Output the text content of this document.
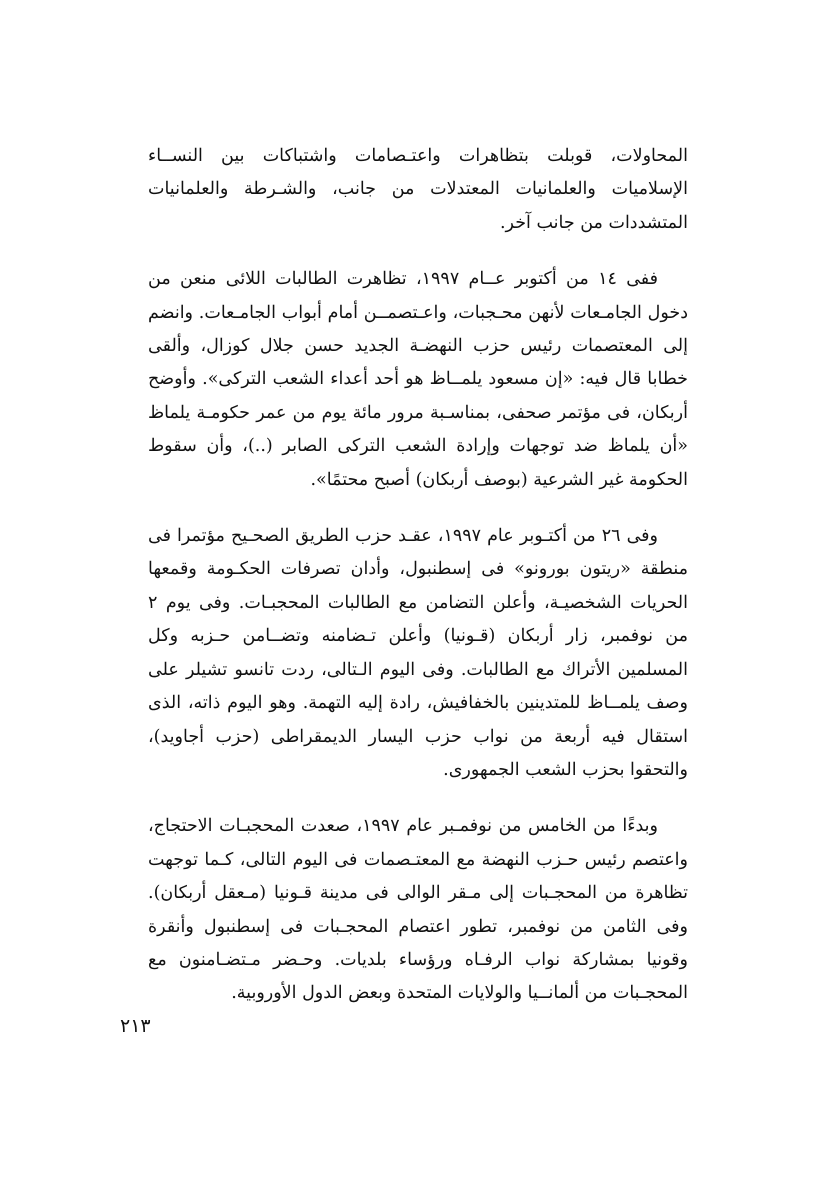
المحاولات، قوبلت بتظاهرات واعتـصامات واشتباكات بين النســاء الإسلاميات والعلمانيات المعتدلات من جانب، والشـرطة والعلمانيات المتشددات من جانب آخر.

ففى ١٤ من أكتوبر عــام ١٩٩٧، تظاهرت الطالبات اللائى منعن من دخول الجامـعات لأنهن محـجبات، واعـتصمــن أمام أبواب الجامـعات. وانضم إلى المعتصمات رئيس حزب النهضـة الجديد حسن جلال كوزال، وألقى خطابا قال فيه: «إن مسعود يلمــاظ هو أحد أعداء الشعب التركى». وأوضح أربكان، فى مؤتمر صحفى، بمناسـبة مرور مائة يوم من عمر حكومـة يلماظ «أن يلماظ ضد توجهات وإرادة الشعب التركى الصابر (..)، وأن سقوط الحكومة غير الشرعية (بوصف أربكان) أصبح محتمًا».

وفى ٢٦ من أكتـوبر عام ١٩٩٧، عقـد حزب الطريق الصحـيح مؤتمرا فى منطقة «ريتون بورونو» فى إسطنبول، وأدان تصرفات الحكـومة وقمعها الحريات الشخصيـة، وأعلن التضامن مع الطالبات المحجبـات. وفى يوم ٢ من نوفمبر، زار أربكان (قـونيا) وأعلن تـضامنه وتضــامن حـزبه وكل المسلمين الأتراك مع الطالبات. وفى اليوم الـتالى، ردت تانسو تشيلر على وصف يلمــاظ للمتدينين بالخفافيش، رادة إليه التهمة. وهو اليوم ذاته، الذى استقال فيه أربعة من نواب حزب اليسار الديمقراطى (حزب أجاويد)، والتحقوا بحزب الشعب الجمهورى.

وبدءًا من الخامس من نوفمـبر عام ١٩٩٧، صعدت المحجبـات الاحتجاج، واعتصم رئيس حـزب النهضة مع المعتـصمات فى اليوم التالى، كـما توجهت تظاهرة من المحجـبات إلى مـقر الوالى فى مدينة قـونيا (مـعقل أربكان). وفى الثامن من نوفمبر، تطور اعتصام المحجـبات فى إسطنبول وأنقرة وقونيا بمشاركة نواب الرفـاه ورؤساء بلديات. وحـضر مـتضـامنون مع المحجـبات من ألمانــيا والولايات المتحدة وبعض الدول الأوروبية.

٢١٣
